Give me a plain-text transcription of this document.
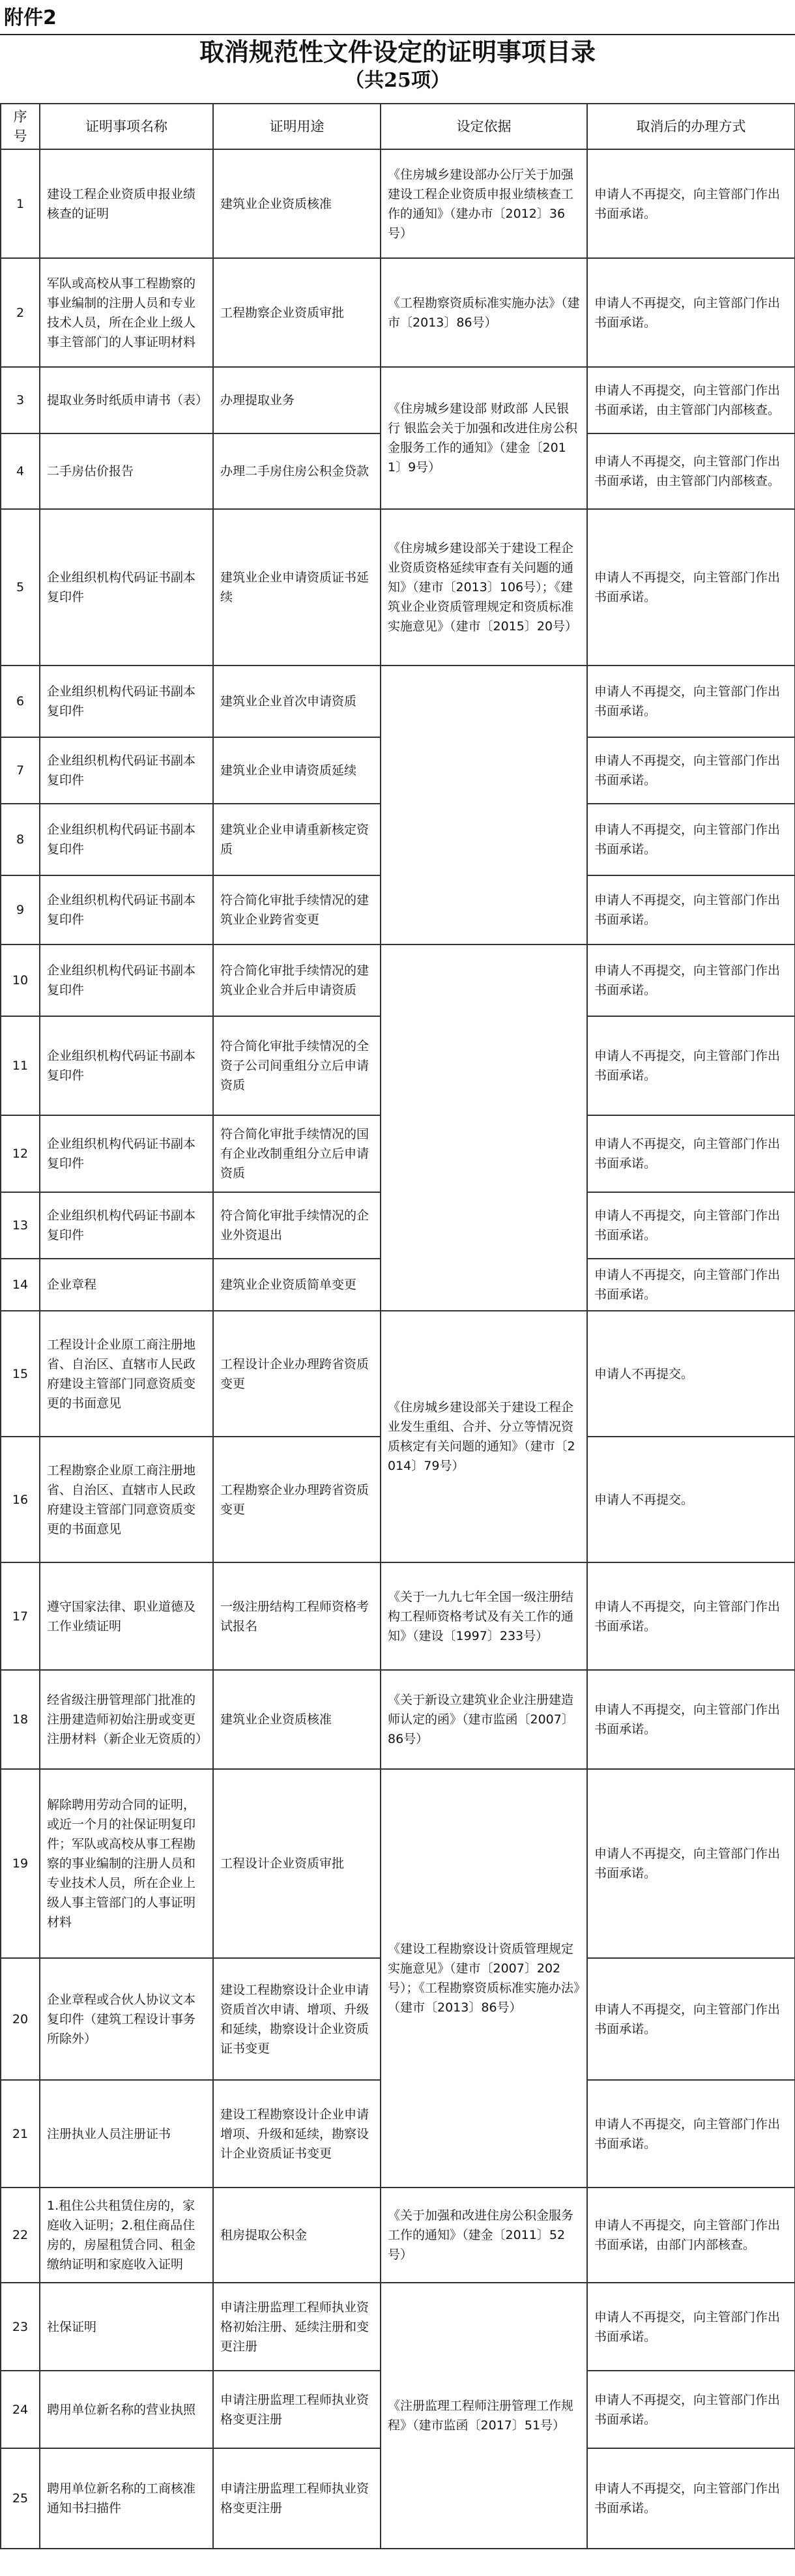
附件2
取消规范性文件设定的证明事项目录
（共25项）
序号	证明事项名称	证明用途	设定依据	取消后的办理方式
1	建设工程企业资质申报业绩核查的证明	建筑业企业资质核准	《住房城乡建设部办公厅关于加强建设工程企业资质申报业绩核查工作的通知》（建办市〔2012〕36号）	申请人不再提交，向主管部门作出书面承诺。
2	军队或高校从事工程勘察的事业编制的注册人员和专业技术人员，所在企业上级人事主管部门的人事证明材料	工程勘察企业资质审批	《工程勘察资质标准实施办法》（建市〔2013〕86号）	申请人不再提交，向主管部门作出书面承诺。
3	提取业务时纸质申请书（表）	办理提取业务	《住房城乡建设部 财政部 人民银行 银监会关于加强和改进住房公积金服务工作的通知》（建金〔2011〕9号）	申请人不再提交，向主管部门作出书面承诺，由主管部门内部核查。
4	二手房估价报告	办理二手房住房公积金贷款		申请人不再提交，向主管部门作出书面承诺，由主管部门内部核查。
5	企业组织机构代码证书副本复印件	建筑业企业申请资质证书延续	《住房城乡建设部关于建设工程企业资质资格延续审查有关问题的通知》（建市〔2013〕106号）；《建筑业企业资质管理规定和资质标准实施意见》（建市〔2015〕20号）	申请人不再提交，向主管部门作出书面承诺。
6	企业组织机构代码证书副本复印件	建筑业企业首次申请资质		申请人不再提交，向主管部门作出书面承诺。
7	企业组织机构代码证书副本复印件	建筑业企业申请资质延续		申请人不再提交，向主管部门作出书面承诺。
8	企业组织机构代码证书副本复印件	建筑业企业申请重新核定资质		申请人不再提交，向主管部门作出书面承诺。
9	企业组织机构代码证书副本复印件	符合简化审批手续情况的建筑业企业跨省变更		申请人不再提交，向主管部门作出书面承诺。
10	企业组织机构代码证书副本复印件	符合简化审批手续情况的建筑业企业合并后申请资质		申请人不再提交，向主管部门作出书面承诺。
11	企业组织机构代码证书副本复印件	符合简化审批手续情况的全资子公司间重组分立后申请资质		申请人不再提交，向主管部门作出书面承诺。
12	企业组织机构代码证书副本复印件	符合简化审批手续情况的国有企业改制重组分立后申请资质		申请人不再提交，向主管部门作出书面承诺。
13	企业组织机构代码证书副本复印件	符合简化审批手续情况的企业外资退出		申请人不再提交，向主管部门作出书面承诺。
14	企业章程	建筑业企业资质简单变更		申请人不再提交，向主管部门作出书面承诺。
15	工程设计企业原工商注册地省、自治区、直辖市人民政府建设主管部门同意资质变更的书面意见	工程设计企业办理跨省资质变更	《住房城乡建设部关于建设工程企业发生重组、合并、分立等情况资质核定有关问题的通知》（建市〔2014〕79号）	申请人不再提交。
16	工程勘察企业原工商注册地省、自治区、直辖市人民政府建设主管部门同意资质变更的书面意见	工程勘察企业办理跨省资质变更		申请人不再提交。
17	遵守国家法律、职业道德及工作业绩证明	一级注册结构工程师资格考试报名	《关于一九九七年全国一级注册结构工程师资格考试及有关工作的通知》（建设〔1997〕233号）	申请人不再提交，向主管部门作出书面承诺。
18	经省级注册管理部门批准的注册建造师初始注册或变更注册材料（新企业无资质的）	建筑业企业资质核准	《关于新设立建筑业企业注册建造师认定的函》（建市监函〔2007〕86号）	申请人不再提交，向主管部门作出书面承诺。
19	解除聘用劳动合同的证明，或近一个月的社保证明复印件；军队或高校从事工程勘察的事业编制的注册人员和专业技术人员，所在企业上级人事主管部门的人事证明材料	工程设计企业资质审批	《建设工程勘察设计资质管理规定实施意见》（建市〔2007〕202号）；《工程勘察资质标准实施办法》（建市〔2013〕86号）	申请人不再提交，向主管部门作出书面承诺。
20	企业章程或合伙人协议文本复印件（建筑工程设计事务所除外）	建设工程勘察设计企业申请资质首次申请、增项、升级和延续，勘察设计企业资质证书变更		申请人不再提交，向主管部门作出书面承诺。
21	注册执业人员注册证书	建设工程勘察设计企业申请增项、升级和延续，勘察设计企业资质证书变更		申请人不再提交，向主管部门作出书面承诺。
22	1.租住公共租赁住房的，家庭收入证明；2.租住商品住房的，房屋租赁合同、租金缴纳证明和家庭收入证明	租房提取公积金	《关于加强和改进住房公积金服务工作的通知》（建金〔2011〕52号）	申请人不再提交，向主管部门作出书面承诺，由部门内部核查。
23	社保证明	申请注册监理工程师执业资格初始注册、延续注册和变更注册	《注册监理工程师注册管理工作规程》（建市监函〔2017〕51号）	申请人不再提交，向主管部门作出书面承诺。
24	聘用单位新名称的营业执照	申请注册监理工程师执业资格变更注册		申请人不再提交，向主管部门作出书面承诺。
25	聘用单位新名称的工商核准通知书扫描件	申请注册监理工程师执业资格变更注册		申请人不再提交，向主管部门作出书面承诺。
